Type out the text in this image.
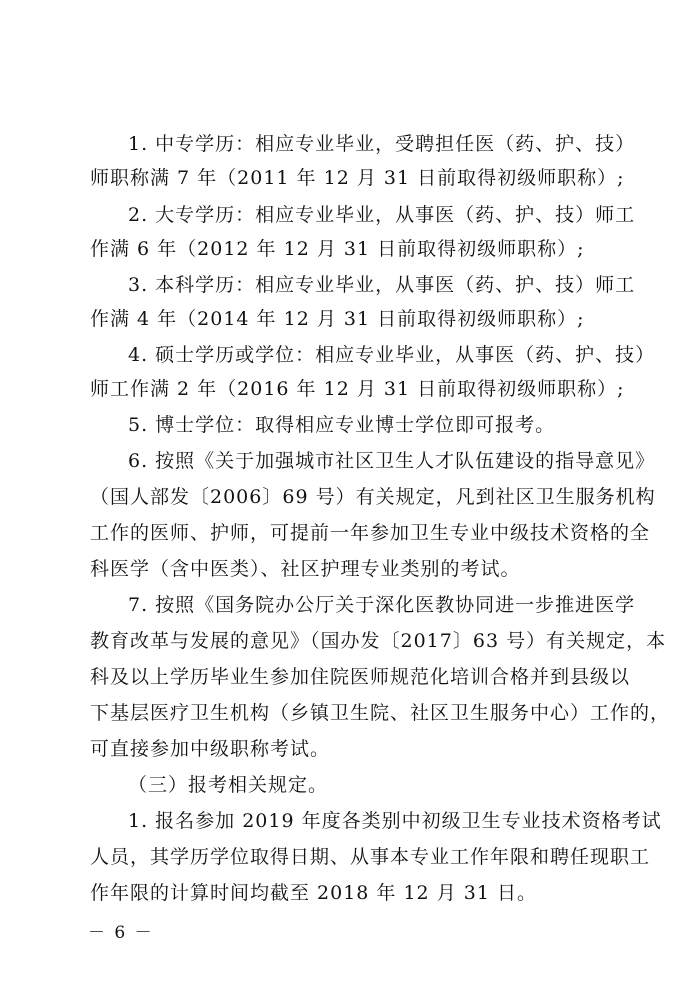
1. 中专学历：相应专业毕业，受聘担任医（药、护、技）
师职称满 7 年（2011 年 12 月 31 日前取得初级师职称）;
2. 大专学历：相应专业毕业，从事医（药、护、技）师工
作满 6 年（2012 年 12 月 31 日前取得初级师职称）;
3. 本科学历：相应专业毕业，从事医（药、护、技）师工
作满 4 年（2014 年 12 月 31 日前取得初级师职称）;
4. 硕士学历或学位：相应专业毕业，从事医（药、护、技）
师工作满 2 年（2016 年 12 月 31 日前取得初级师职称）;
5. 博士学位：取得相应专业博士学位即可报考。
6. 按照《关于加强城市社区卫生人才队伍建设的指导意见》
（国人部发〔2006〕69 号）有关规定，凡到社区卫生服务机构
工作的医师、护师，可提前一年参加卫生专业中级技术资格的全
科医学（含中医类）、社区护理专业类别的考试。
7. 按照《国务院办公厅关于深化医教协同进一步推进医学
教育改革与发展的意见》（国办发〔2017〕63 号）有关规定，本
科及以上学历毕业生参加住院医师规范化培训合格并到县级以
下基层医疗卫生机构（乡镇卫生院、社区卫生服务中心）工作的，
可直接参加中级职称考试。
（三）报考相关规定。
1. 报名参加 2019 年度各类别中初级卫生专业技术资格考试
人员，其学历学位取得日期、从事本专业工作年限和聘任现职工
－ 6 －
作年限的计算时间均截至 2018 年 12 月 31 日。
